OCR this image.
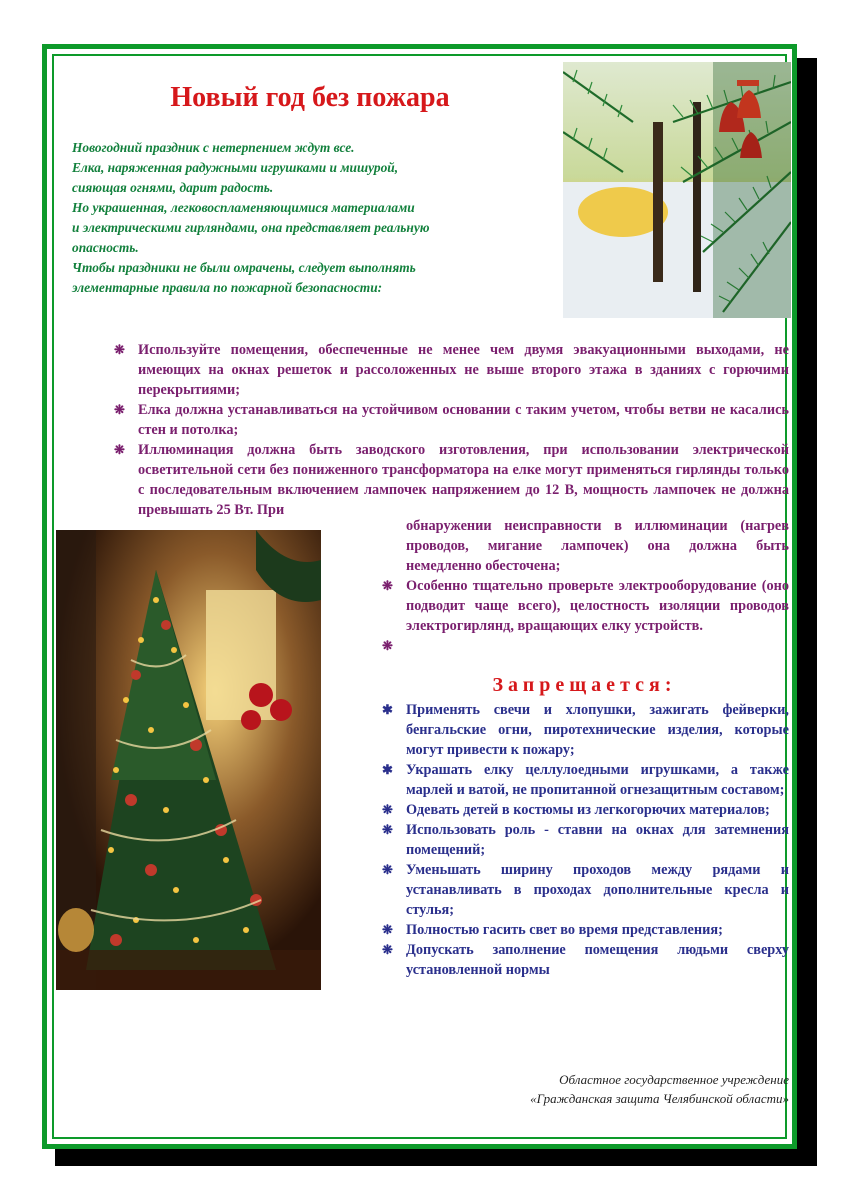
Новый год без пожара

Новогодний праздник с нетерпением ждут все.

Елка, наряженная радужными игрушками и мишурой,

сияющая огнями, дарит радость.

Но украшенная, легковоспламеняющимися материалами

и электрическими гирляндами, она представляет реальную

опасность.

Чтобы праздники не были омрачены, следует выполнять

элементарные правила по пожарной безопасности:

❋ Используйте помещения, обеспеченные не менее чем двумя эвакуационными выходами, не имеющих на окнах решеток и рассоложенных не выше второго этажа в зданиях с горючими перекрытиями;
❋ Елка должна устанавливаться на устойчивом основании с таким учетом, чтобы ветви не касались стен и потолка;
❋ Иллюминация должна быть заводского изготовления, при использовании электрической осветительной сети без пониженного трансформатора на елке могут применяться гирлянды только с последовательным включением лампочек напряжением до 12 В, мощность лампочек не должна превышать 25 Вт. При
обнаружении неисправности в иллюминации (нагрев проводов, мигание лампочек) она должна быть немедленно обесточена;
❋ Особенно тщательно проверьте электрооборудование (оно подводит чаще всего), целостность изоляции проводов электрогирлянд, вращающих елку устройств.
❋
Запрещается:
✱ Применять свечи и хлопушки, зажигать фейверки, бенгальские огни, пиротехнические изделия, которые могут привести к пожару;
✱ Украшать елку целлулоедными игрушками, а также марлей и ватой, не пропитанной огнезащитным составом;
❋ Одевать детей в костюмы из легкогорючих материалов;
❋ Использовать роль - ставни на окнах для затемнения помещений;
❋ Уменьшать ширину проходов между рядами и устанавливать в проходах дополнительные кресла и стулья;
❋ Полностью гасить свет во время представления;
❋ Допускать заполнение помещения людьми сверху установленной нормы

Областное государственное учреждение

«Гражданская защита Челябинской области»
